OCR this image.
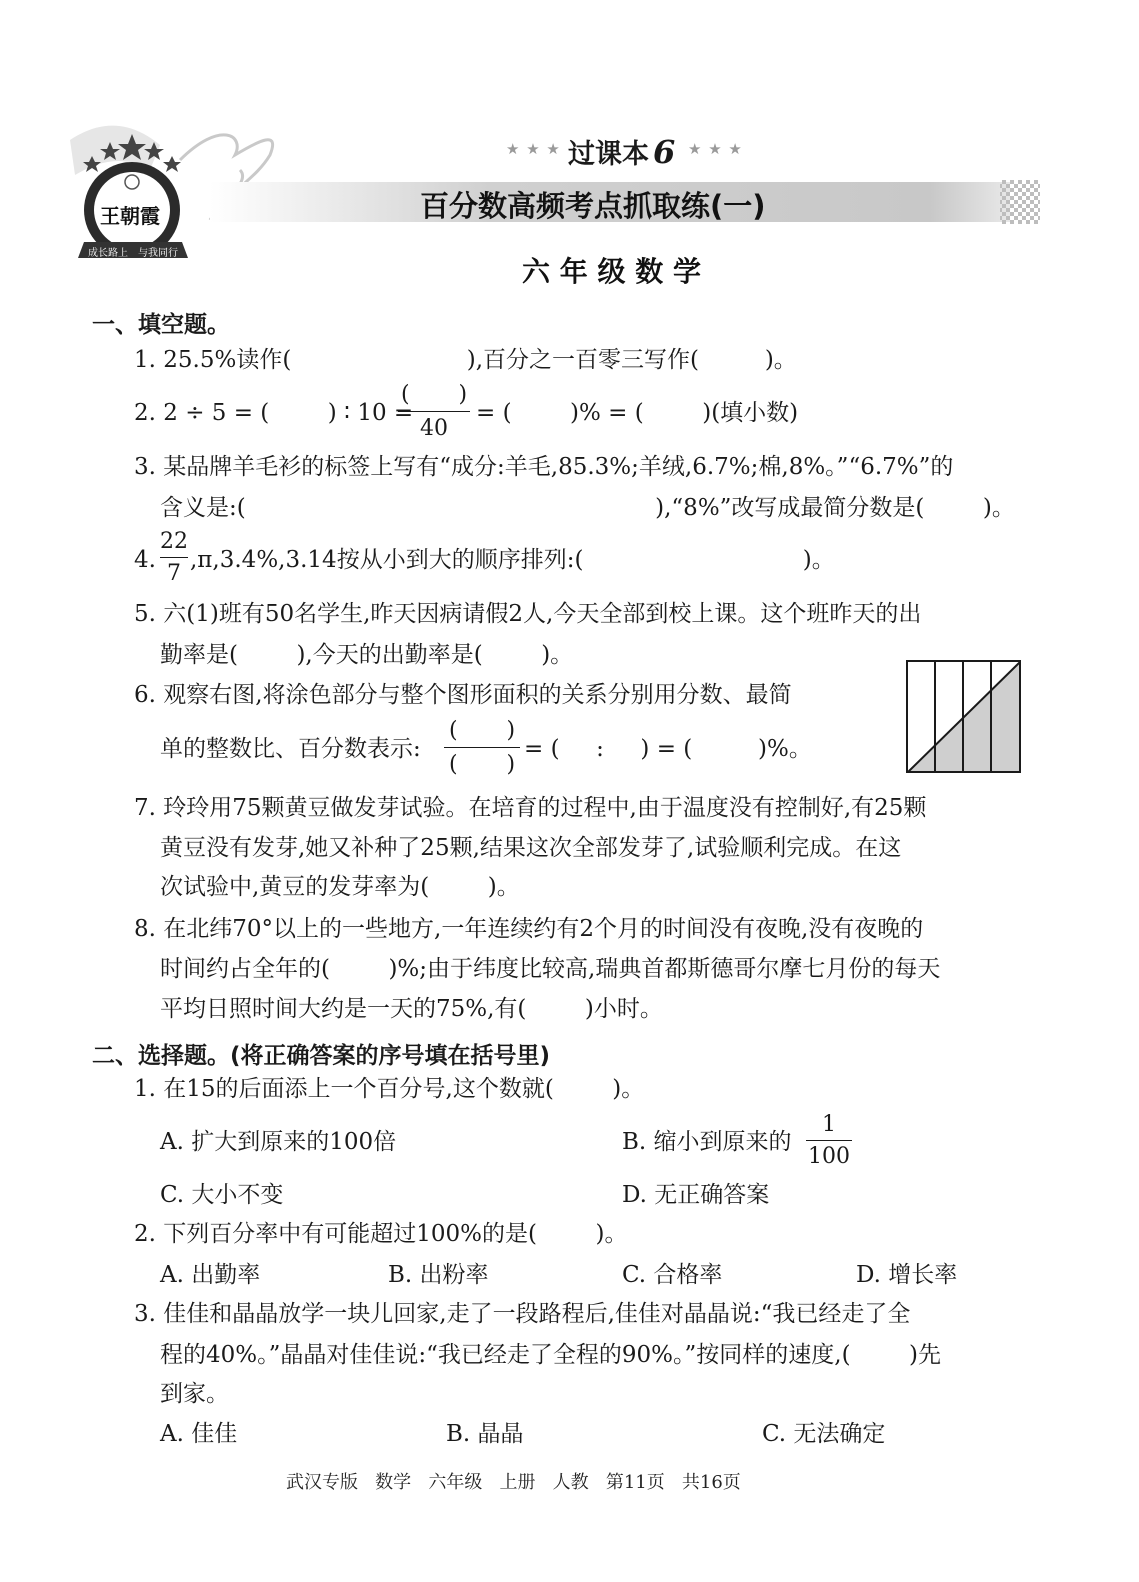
王朝霞
成长路上 与我同行
★ ★ ★ 过课本 6 ★ ★ ★
百分数高频考点抓取练(一)
六 年 级 数 学
一、填空题。
1. 25.5%读作(                        ),百分之一百零三写作(         )。
2. 2 ÷ 5 = (        ) ∶ 10 =
(       )
40
= (        )% = (        )(填小数)
3. 某品牌羊毛衫的标签上写有“成分:羊毛,85.3%;羊绒,6.7%;棉,8%。”“6.7%”的
含义是:(                                                        ),“8%”改写成最简分数是(        )。
4.
22
7
,π,3.4%,3.14按从小到大的顺序排列:(                              )。
5. 六(1)班有50名学生,昨天因病请假2人,今天全部到校上课。这个班昨天的出
勤率是(        ),今天的出勤率是(        )。
6. 观察右图,将涂色部分与整个图形面积的关系分别用分数、最简
单的整数比、百分数表示:
(       )
(       )
= (     :     ) = (         )%。
7. 玲玲用75颗黄豆做发芽试验。在培育的过程中,由于温度没有控制好,有25颗
黄豆没有发芽,她又补种了25颗,结果这次全部发芽了,试验顺利完成。在这
次试验中,黄豆的发芽率为(        )。
8. 在北纬70°以上的一些地方,一年连续约有2个月的时间没有夜晚,没有夜晚的
时间约占全年的(        )%;由于纬度比较高,瑞典首都斯德哥尔摩七月份的每天
平均日照时间大约是一天的75%,有(        )小时。
二、选择题。(将正确答案的序号填在括号里)
1. 在15的后面添上一个百分号,这个数就(        )。
A. 扩大到原来的100倍	B. 缩小到原来的
1
100
C. 大小不变	D. 无正确答案
2. 下列百分率中有可能超过100%的是(        )。
A. 出勤率	B. 出粉率	C. 合格率	D. 增长率
3. 佳佳和晶晶放学一块儿回家,走了一段路程后,佳佳对晶晶说:“我已经走了全
程的40%。”晶晶对佳佳说:“我已经走了全程的90%。”按同样的速度,(        )先
到家。
A. 佳佳	B. 晶晶	C. 无法确定
武汉专版   数学   六年级   上册   人教   第11页   共16页
